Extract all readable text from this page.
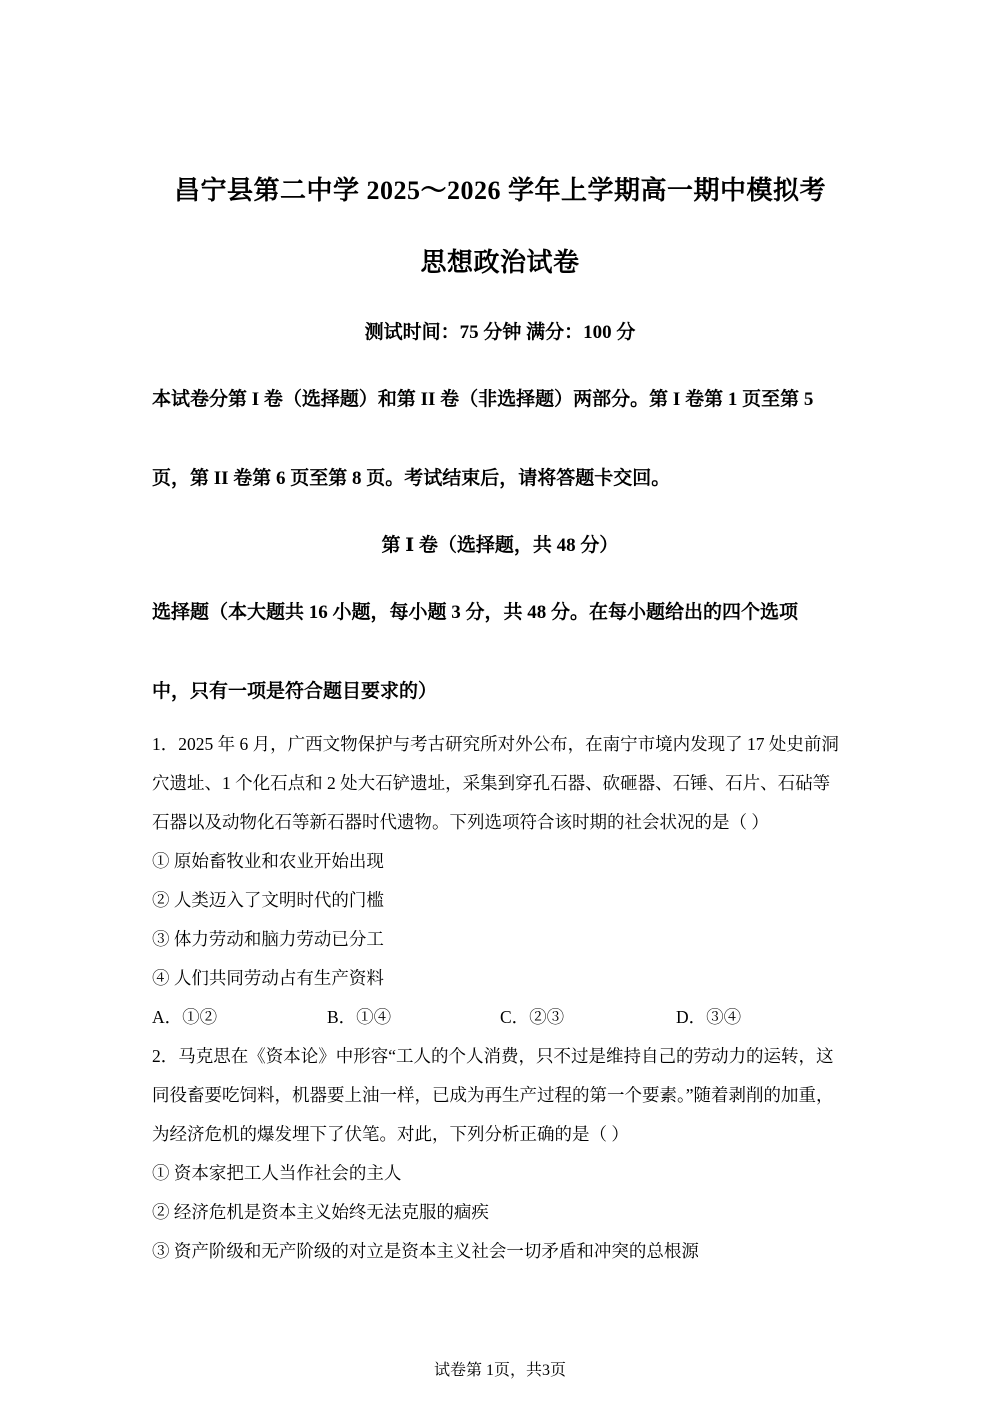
昌宁县第二中学 2025～2026 学年上学期高一期中模拟考
思想政治试卷
测试时间：75 分钟 满分：100 分
本试卷分第 I 卷（选择题）和第 II 卷（非选择题）两部分。第 I 卷第 1 页至第 5
页，第 II 卷第 6 页至第 8 页。考试结束后，请将答题卡交回。
第 Ⅰ 卷（选择题，共 48 分）
选择题（本大题共 16 小题，每小题 3 分，共 48 分。在每小题给出的四个选项
中，只有一项是符合题目要求的）
1．2025 年 6 月，广西文物保护与考古研究所对外公布，在南宁市境内发现了 17 处史前洞
穴遗址、1 个化石点和 2 处大石铲遗址，采集到穿孔石器、砍砸器、石锤、石片、石砧等
石器以及动物化石等新石器时代遗物。下列选项符合该时期的社会状况的是（ ）
① 原始畜牧业和农业开始出现
② 人类迈入了文明时代的门槛
③ 体力劳动和脑力劳动已分工
④ 人们共同劳动占有生产资料
A．①②	B．①④	C．②③	D．③④
2．马克思在《资本论》中形容“工人的个人消费，只不过是维持自己的劳动力的运转，这
同役畜要吃饲料，机器要上油一样，已成为再生产过程的第一个要素。”随着剥削的加重，
为经济危机的爆发埋下了伏笔。对此，下列分析正确的是（ ）
① 资本家把工人当作社会的主人
② 经济危机是资本主义始终无法克服的痼疾
③ 资产阶级和无产阶级的对立是资本主义社会一切矛盾和冲突的总根源
试卷第 1页，共3页
